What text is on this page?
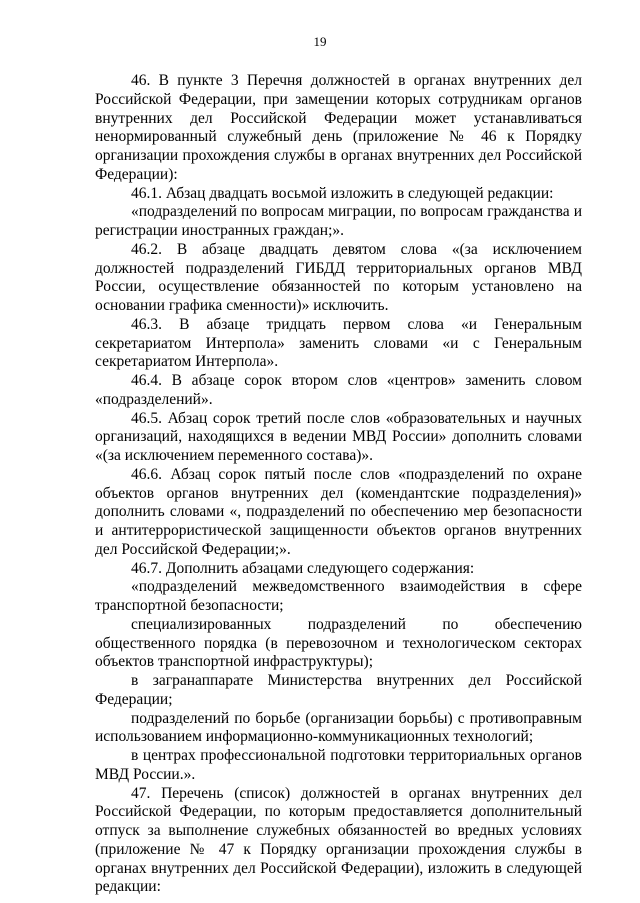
19

46. В пункте 3 Перечня должностей в органах внутренних дел Российской Федерации, при замещении которых сотрудникам органов внутренних дел Российской Федерации может устанавливаться ненормированный служебный день (приложение № 46 к Порядку организации прохождения службы в органах внутренних дел Российской Федерации):

46.1. Абзац двадцать восьмой изложить в следующей редакции:

«подразделений по вопросам миграции, по вопросам гражданства и регистрации иностранных граждан;».

46.2. В абзаце двадцать девятом слова «(за исключением должностей подразделений ГИБДД территориальных органов МВД России, осуществление обязанностей по которым установлено на основании графика сменности)» исключить.

46.3. В абзаце тридцать первом слова «и Генеральным секретариатом Интерпола» заменить словами «и с Генеральным секретариатом Интерпола».

46.4. В абзаце сорок втором слов «центров» заменить словом «подразделений».

46.5. Абзац сорок третий после слов «образовательных и научных организаций, находящихся в ведении МВД России» дополнить словами «(за исключением переменного состава)».

46.6. Абзац сорок пятый после слов «подразделений по охране объектов органов внутренних дел (комендантские подразделения)» дополнить словами «, подразделений по обеспечению мер безопасности и антитеррористической защищенности объектов органов внутренних дел Российской Федерации;».

46.7. Дополнить абзацами следующего содержания:

«подразделений межведомственного взаимодействия в сфере транспортной безопасности;

специализированных подразделений по обеспечению общественного порядка (в перевозочном и технологическом секторах объектов транспортной инфраструктуры);

в загранаппарате Министерства внутренних дел Российской Федерации;

подразделений по борьбе (организации борьбы) с противоправным использованием информационно-коммуникационных технологий;

в центрах профессиональной подготовки территориальных органов МВД России.».

47. Перечень (список) должностей в органах внутренних дел Российской Федерации, по которым предоставляется дополнительный отпуск за выполнение служебных обязанностей во вредных условиях (приложение № 47 к Порядку организации прохождения службы в органах внутренних дел Российской Федерации), изложить в следующей редакции:
